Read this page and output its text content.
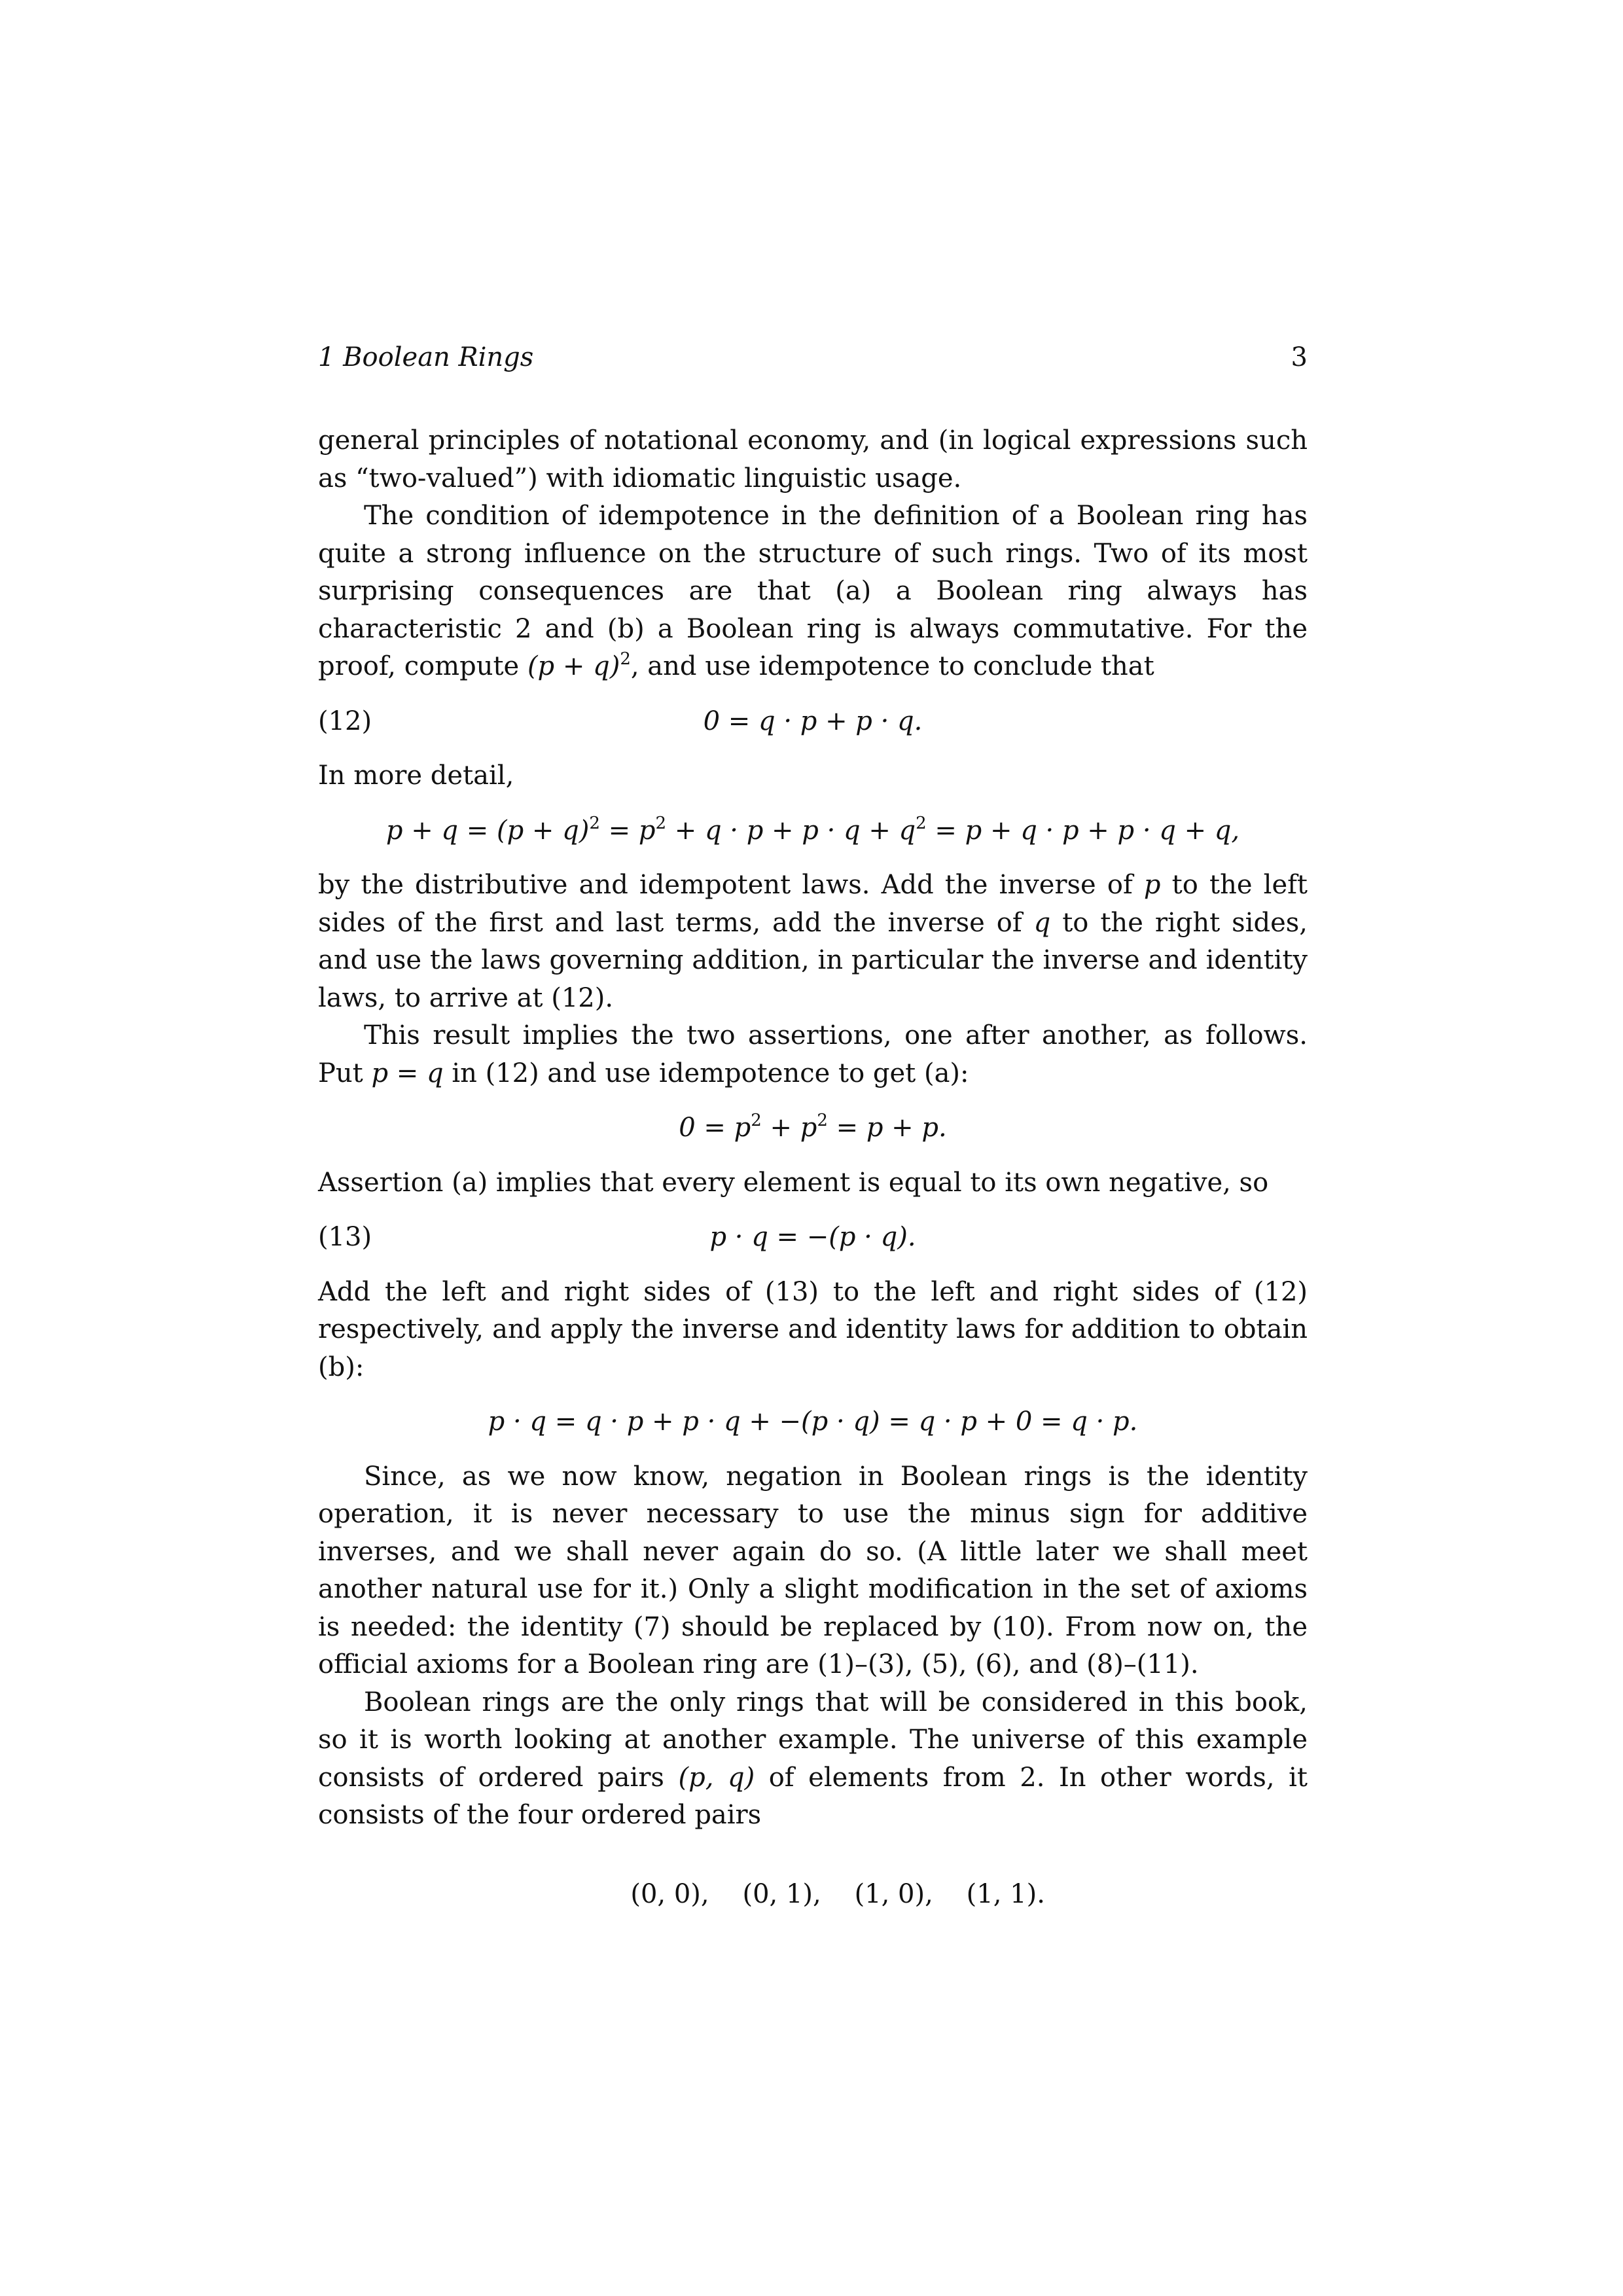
1 Boolean Rings	3

general principles of notational economy, and (in logical expressions such as “two-valued”) with idiomatic linguistic usage.

The condition of idempotence in the definition of a Boolean ring has quite a strong influence on the structure of such rings. Two of its most surprising consequences are that (a) a Boolean ring always has characteristic 2 and (b) a Boolean ring is always commutative. For the proof, compute $(p + q)^2$, and use idempotence to conclude that

(12)	0 = q · p + p · q.

In more detail,

$p + q = (p + q)^2 = p^2 + q \cdot p + p \cdot q + q^2 = p + q \cdot p + p \cdot q + q$,

by the distributive and idempotent laws. Add the inverse of p to the left sides of the first and last terms, add the inverse of q to the right sides, and use the laws governing addition, in particular the inverse and identity laws, to arrive at (12).

This result implies the two assertions, one after another, as follows. Put p = q in (12) and use idempotence to get (a):

$0 = p^2 + p^2 = p + p$.

Assertion (a) implies that every element is equal to its own negative, so

(13)	p · q = −(p · q).

Add the left and right sides of (13) to the left and right sides of (12) respectively, and apply the inverse and identity laws for addition to obtain (b):

p · q = q · p + p · q + −(p · q) = q · p + 0 = q · p.

Since, as we now know, negation in Boolean rings is the identity operation, it is never necessary to use the minus sign for additive inverses, and we shall never again do so. (A little later we shall meet another natural use for it.) Only a slight modification in the set of axioms is needed: the identity (7) should be replaced by (10). From now on, the official axioms for a Boolean ring are (1)–(3), (5), (6), and (8)–(11).

Boolean rings are the only rings that will be considered in this book, so it is worth looking at another example. The universe of this example consists of ordered pairs (p, q) of elements from 2. In other words, it consists of the four ordered pairs

(0, 0),    (0, 1),    (1, 0),    (1, 1).
